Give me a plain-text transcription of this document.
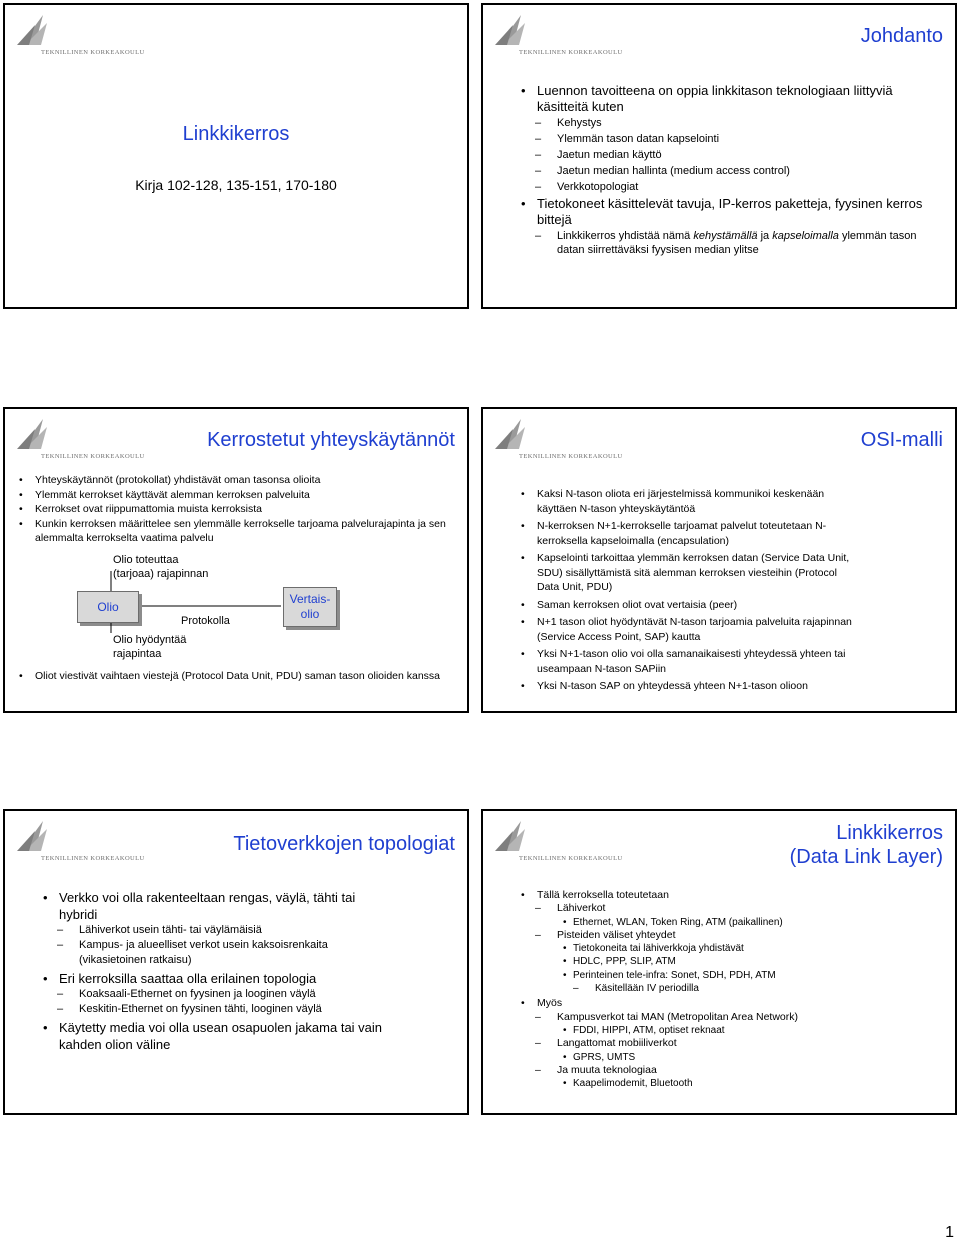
TEKNILLINEN KORKEAKOULU
Linkkikerros
Kirja 102-128, 135-151, 170-180
TEKNILLINEN KORKEAKOULU
Johdanto
• Luennon tavoitteena on oppia linkkitason teknologiaan liittyviä käsitteitä kuten
– Kehystys
– Ylemmän tason datan kapselointi
– Jaetun median käyttö
– Jaetun median hallinta (medium access control)
– Verkkotopologiat
• Tietokoneet käsittelevät tavuja, IP-kerros paketteja, fyysinen kerros bittejä
– Linkkikerros yhdistää nämä kehystämällä ja kapseloimalla ylemmän tason datan siirrettäväksi fyysisen median ylitse
TEKNILLINEN KORKEAKOULU
Kerrostetut yhteyskäytännöt
• Yhteyskäytännöt (protokollat) yhdistävät oman tasonsa olioita
• Ylemmät kerrokset käyttävät alemman kerroksen palveluita
• Kerrokset ovat riippumattomia muista kerroksista
• Kunkin kerroksen määrittelee sen ylemmälle kerrokselle tarjoama palvelurajapinta ja sen alemmalta kerrokselta vaatima palvelu
Olio toteuttaa
(tarjoaa) rajapinnan
Olio
Vertais-
olio
Protokolla
Olio hyödyntää
rajapintaa
• Oliot viestivät vaihtaen viestejä (Protocol Data Unit, PDU) saman tason olioiden kanssa
TEKNILLINEN KORKEAKOULU
OSI-malli
• Kaksi N-tason oliota eri järjestelmissä kommunikoi keskenään käyttäen N-tason yhteyskäytäntöä
• N-kerroksen N+1-kerrokselle tarjoamat palvelut toteutetaan N-kerroksella kapseloimalla (encapsulation)
• Kapselointi tarkoittaa ylemmän kerroksen datan (Service Data Unit, SDU) sisällyttämistä sitä alemman kerroksen viesteihin (Protocol Data Unit, PDU)
• Saman kerroksen oliot ovat vertaisia (peer)
• N+1 tason oliot hyödyntävät N-tason tarjoamia palveluita rajapinnan (Service Access Point, SAP) kautta
• Yksi N+1-tason olio voi olla samanaikaisesti yhteydessä yhteen tai useampaan N-tason SAPiin
• Yksi N-tason SAP on yhteydessä yhteen N+1-tason olioon
TEKNILLINEN KORKEAKOULU
Tietoverkkojen topologiat
• Verkko voi olla rakenteeltaan rengas, väylä, tähti tai hybridi
– Lähiverkot usein tähti- tai väylämäisiä
– Kampus- ja alueelliset verkot usein kaksoisrenkaita (vikasietoinen ratkaisu)
• Eri kerroksilla saattaa olla erilainen topologia
– Koaksaali-Ethernet on fyysinen ja looginen väylä
– Keskitin-Ethernet on fyysinen tähti, looginen väylä
• Käytetty media voi olla usean osapuolen jakama tai vain kahden olion väline
TEKNILLINEN KORKEAKOULU
Linkkikerros
(Data Link Layer)
• Tällä kerroksella toteutetaan
– Lähiverkot
• Ethernet, WLAN, Token Ring, ATM (paikallinen)
– Pisteiden väliset yhteydet
• Tietokoneita tai lähiverkkoja yhdistävät
• HDLC, PPP, SLIP, ATM
• Perinteinen tele-infra: Sonet, SDH, PDH, ATM
– Käsitellään IV periodilla
• Myös
– Kampusverkot tai MAN (Metropolitan Area Network)
• FDDI, HIPPI, ATM, optiset reknaat
– Langattomat mobiiliverkot
• GPRS, UMTS
– Ja muuta teknologiaa
• Kaapelimodemit, Bluetooth
1
